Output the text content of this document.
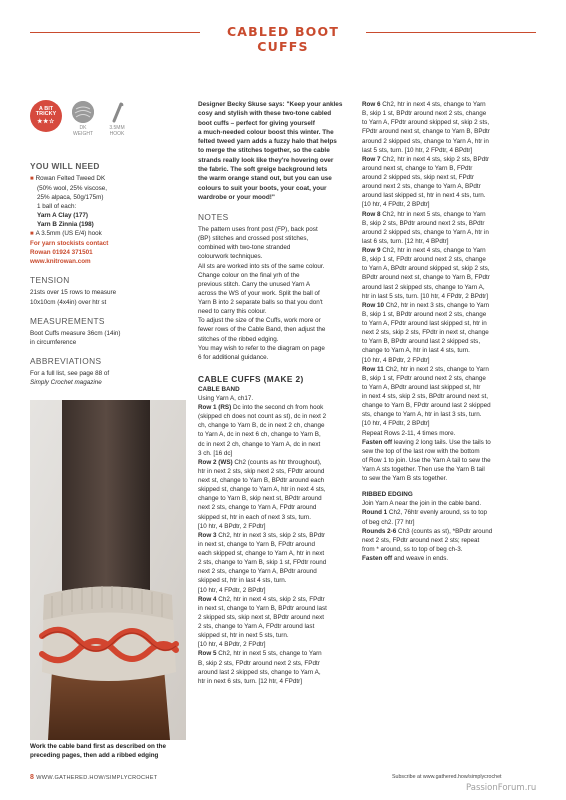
CABLED BOOT CUFFS
A BIT
TRICKY
★★☆
DK
WEIGHT
3.5MM
HOOK
YOU WILL NEED
■ Rowan Felted Tweed DK
(50% wool, 25% viscose,
25% alpaca, 50g/175m)
1 ball of each:
Yarn A Clay (177)
Yarn B Zinnia (198)
■ A 3.5mm (US E/4) hook
For yarn stockists contact
Rowan 01924 371501
www.knitrowan.com
TENSION
21sts over 15 rows to measure
10x10cm (4x4in) over htr st
MEASUREMENTS
Boot Cuffs measure 36cm (14in)
in circumference
ABBREVIATIONS
For a full list, see page 88 of
Simply Crochet magazine
Work the cable band first as described on the
preceding pages, then add a ribbed edging
Designer Becky Skuse says: "Keep your ankles
cosy and stylish with these two-tone cabled
boot cuffs – perfect for giving yourself
a much-needed colour boost this winter. The
felted tweed yarn adds a fuzzy halo that helps
to merge the stitches together, so the cable
strands really look like they're hovering over
the fabric. The soft greige background lets
the warm orange stand out, but you can use
colours to suit your boots, your coat, your
wardrobe or your mood!"
NOTES
The pattern uses front post (FP), back post
(BP) stitches and crossed post stitches,
combined with two-tone stranded
colourwork techniques.
All sts are worked into sts of the same colour.
Change colour on the final yrh of the
previous stitch. Carry the unused Yarn A
across the WS of your work. Split the ball of
Yarn B into 2 separate balls so that you don't
need to carry this colour.
To adjust the size of the Cuffs, work more or
fewer rows of the Cable Band, then adjust the
stitches of the ribbed edging.
You may wish to refer to the diagram on page
6 for additional guidance.
CABLE CUFFS (MAKE 2)
CABLE BAND
Using Yarn A, ch17.
Row 1 (RS) Dc into the second ch from hook
(skipped ch does not count as st), dc in next 2
ch, change to Yarn B, dc in next 2 ch, change
to Yarn A, dc in next 6 ch, change to Yarn B,
dc in next 2 ch, change to Yarn A, dc in next
3 ch. [16 dc]
Row 2 (WS) Ch2 (counts as htr throughout),
htr in next 2 sts, skip next 2 sts, FPdtr around
next st, change to Yarn B, BPdtr around each
skipped st, change to Yarn A, htr in next 4 sts,
change to Yarn B, skip next st, BPdtr around
next 2 sts, change to Yarn A, FPdtr around
skipped st, htr in each of next 3 sts, turn.
[10 htr, 4 BPdtr, 2 FPdtr]
Row 3 Ch2, htr in next 3 sts, skip 2 sts, BPdtr
in next st, change to Yarn B, FPdtr around
each skipped st, change to Yarn A, htr in next
2 sts, change to Yarn B, skip 1 st, FPdtr round
next 2 sts, change to Yarn A, BPdtr around
skipped st, htr in last 4 sts, turn.
[10 htr, 4 FPdtr, 2 BPdtr]
Row 4 Ch2, htr in next 4 sts, skip 2 sts, FPdtr
in next st, change to Yarn B, BPdtr around last
2 skipped sts, skip next st, BPdtr around next
2 sts, change to Yarn A, FPdtr around last
skipped st, htr in next 5 sts, turn.
[10 htr, 4 BPdtr, 2 FPdtr]
Row 5 Ch2, htr in next 5 sts, change to Yarn
B, skip 2 sts, FPdtr around next 2 sts, FPdtr
around last 2 skipped sts, change to Yarn A,
htr in next 6 sts, turn. [12 htr, 4 FPdtr]
Row 6 Ch2, htr in next 4 sts, change to Yarn
B, skip 1 st, BPdtr around next 2 sts, change
to Yarn A, FPdtr around skipped st, skip 2 sts,
FPdtr around next st, change to Yarn B, BPdtr
around 2 skipped sts, change to Yarn A, htr in
last 5 sts, turn. [10 htr, 2 FPdtr, 4 BPdtr]
Row 7 Ch2, htr in next 4 sts, skip 2 sts, BPdtr
around next st, change to Yarn B, FPdtr
around 2 skipped sts, skip next st, FPdtr
around next 2 sts, change to Yarn A, BPdtr
around last skipped st, htr in next 4 sts, turn.
[10 htr, 4 FPdtr, 2 BPdtr]
Row 8 Ch2, htr in next 5 sts, change to Yarn
B, skip 2 sts, BPdtr around next 2 sts, BPdtr
around 2 skipped sts, change to Yarn A, htr in
last 6 sts, turn. [12 htr, 4 BPdtr]
Row 9 Ch2, htr in next 4 sts, change to Yarn
B, skip 1 st, FPdtr around next 2 sts, change
to Yarn A, BPdtr around skipped st, skip 2 sts,
BPdtr around next st, change to Yarn B, FPdtr
around last 2 skipped sts, change to Yarn A,
htr in last 5 sts, turn. [10 htr, 4 FPdtr, 2 BPdtr]
Row 10 Ch2, htr in next 3 sts, change to Yarn
B, skip 1 st, BPdtr around next 2 sts, change
to Yarn A, FPdtr around last skipped st, htr in
next 2 sts, skip 2 sts, FPdtr in next st, change
to Yarn B, BPdtr around last 2 skipped sts,
change to Yarn A, htr in last 4 sts, turn.
[10 htr, 4 BPdtr, 2 FPdtr]
Row 11 Ch2, htr in next 2 sts, change to Yarn
B, skip 1 st, FPdtr around next 2 sts, change
to Yarn A, BPdtr around last skipped st, htr
in next 4 sts, skip 2 sts, BPdtr around next st,
change to Yarn B, FPdtr around last 2 skipped
sts, change to Yarn A, htr in last 3 sts, turn.
[10 htr, 4 FPdtr, 2 BPdtr]
Repeat Rows 2-11, 4 times more.
Fasten off leaving 2 long tails. Use the tails to
sew the top of the last row with the bottom
of Row 1 to join. Use the Yarn A tail to sew the
Yarn A sts together. Then use the Yarn B tail
to sew the Yarn B sts together.
RIBBED EDGING
Join Yarn A near the join in the cable band.
Round 1 Ch2, 76htr evenly around, ss to top
of beg ch2. [77 htr]
Rounds 2-6 Ch3 (counts as st), *BPdtr around
next 2 sts, FPdtr around next 2 sts; repeat
from * around, ss to top of beg ch-3.
Fasten off and weave in ends.
8 WWW.GATHERED.HOW/SIMPLYCROCHET	Subscribe at www.gathered.how/simplycrochet
PassionForum.ru
